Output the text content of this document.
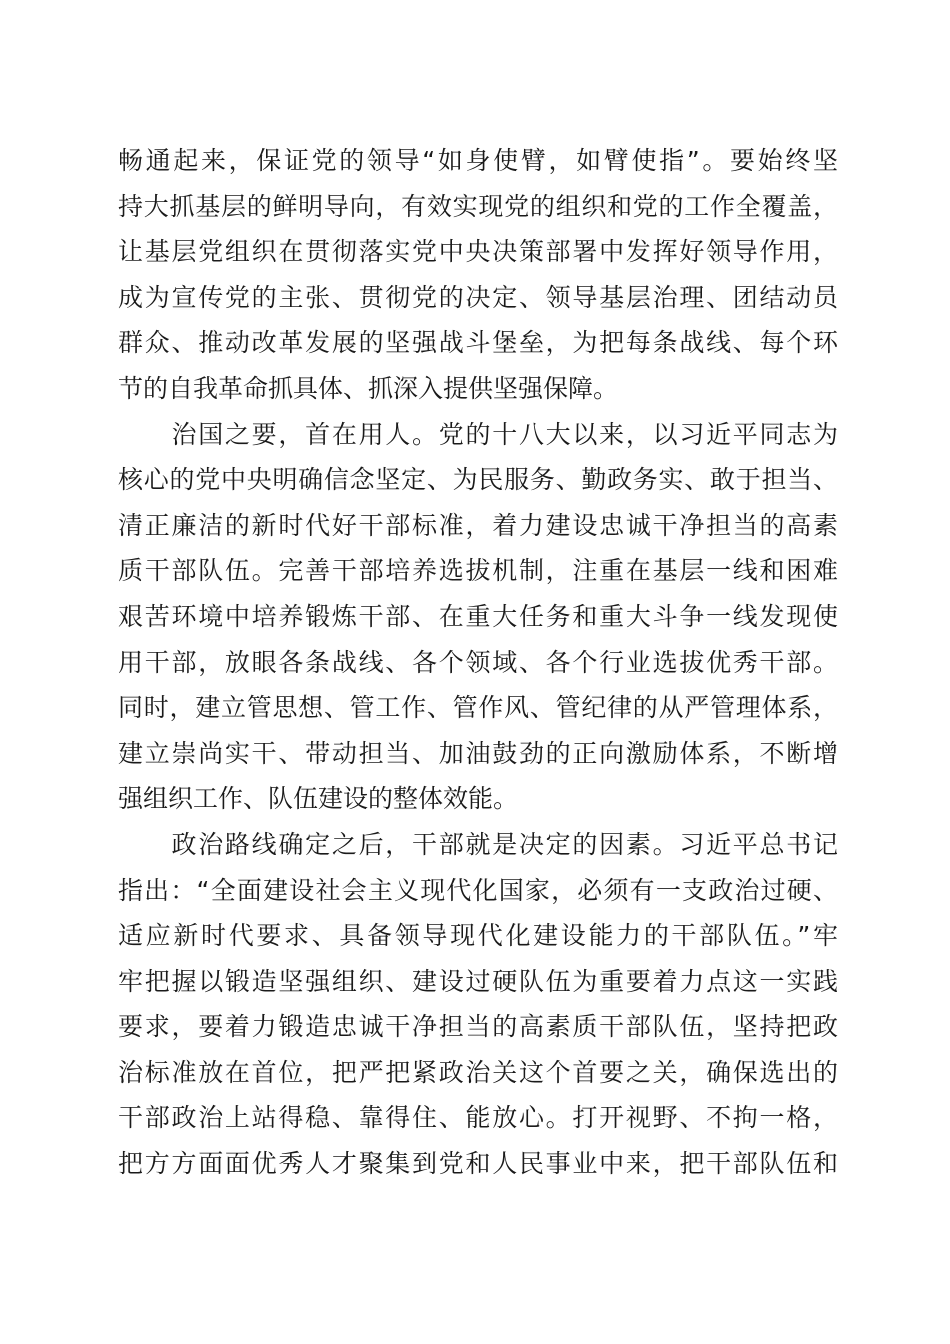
畅通起来，保证党的领导“如身使臂，如臂使指”。要始终坚
持大抓基层的鲜明导向，有效实现党的组织和党的工作全覆盖，
让基层党组织在贯彻落实党中央决策部署中发挥好领导作用，
成为宣传党的主张、贯彻党的决定、领导基层治理、团结动员
群众、推动改革发展的坚强战斗堡垒，为把每条战线、每个环
节的自我革命抓具体、抓深入提供坚强保障。
　　治国之要，首在用人。党的十八大以来，以习近平同志为
核心的党中央明确信念坚定、为民服务、勤政务实、敢于担当、
清正廉洁的新时代好干部标准，着力建设忠诚干净担当的高素
质干部队伍。完善干部培养选拔机制，注重在基层一线和困难
艰苦环境中培养锻炼干部、在重大任务和重大斗争一线发现使
用干部，放眼各条战线、各个领域、各个行业选拔优秀干部。
同时，建立管思想、管工作、管作风、管纪律的从严管理体系，
建立崇尚实干、带动担当、加油鼓劲的正向激励体系，不断增
强组织工作、队伍建设的整体效能。
　　政治路线确定之后，干部就是决定的因素。习近平总书记
指出：“全面建设社会主义现代化国家，必须有一支政治过硬、
适应新时代要求、具备领导现代化建设能力的干部队伍。”牢
牢把握以锻造坚强组织、建设过硬队伍为重要着力点这一实践
要求，要着力锻造忠诚干净担当的高素质干部队伍，坚持把政
治标准放在首位，把严把紧政治关这个首要之关，确保选出的
干部政治上站得稳、靠得住、能放心。打开视野、不拘一格，
把方方面面优秀人才聚集到党和人民事业中来，把干部队伍和
